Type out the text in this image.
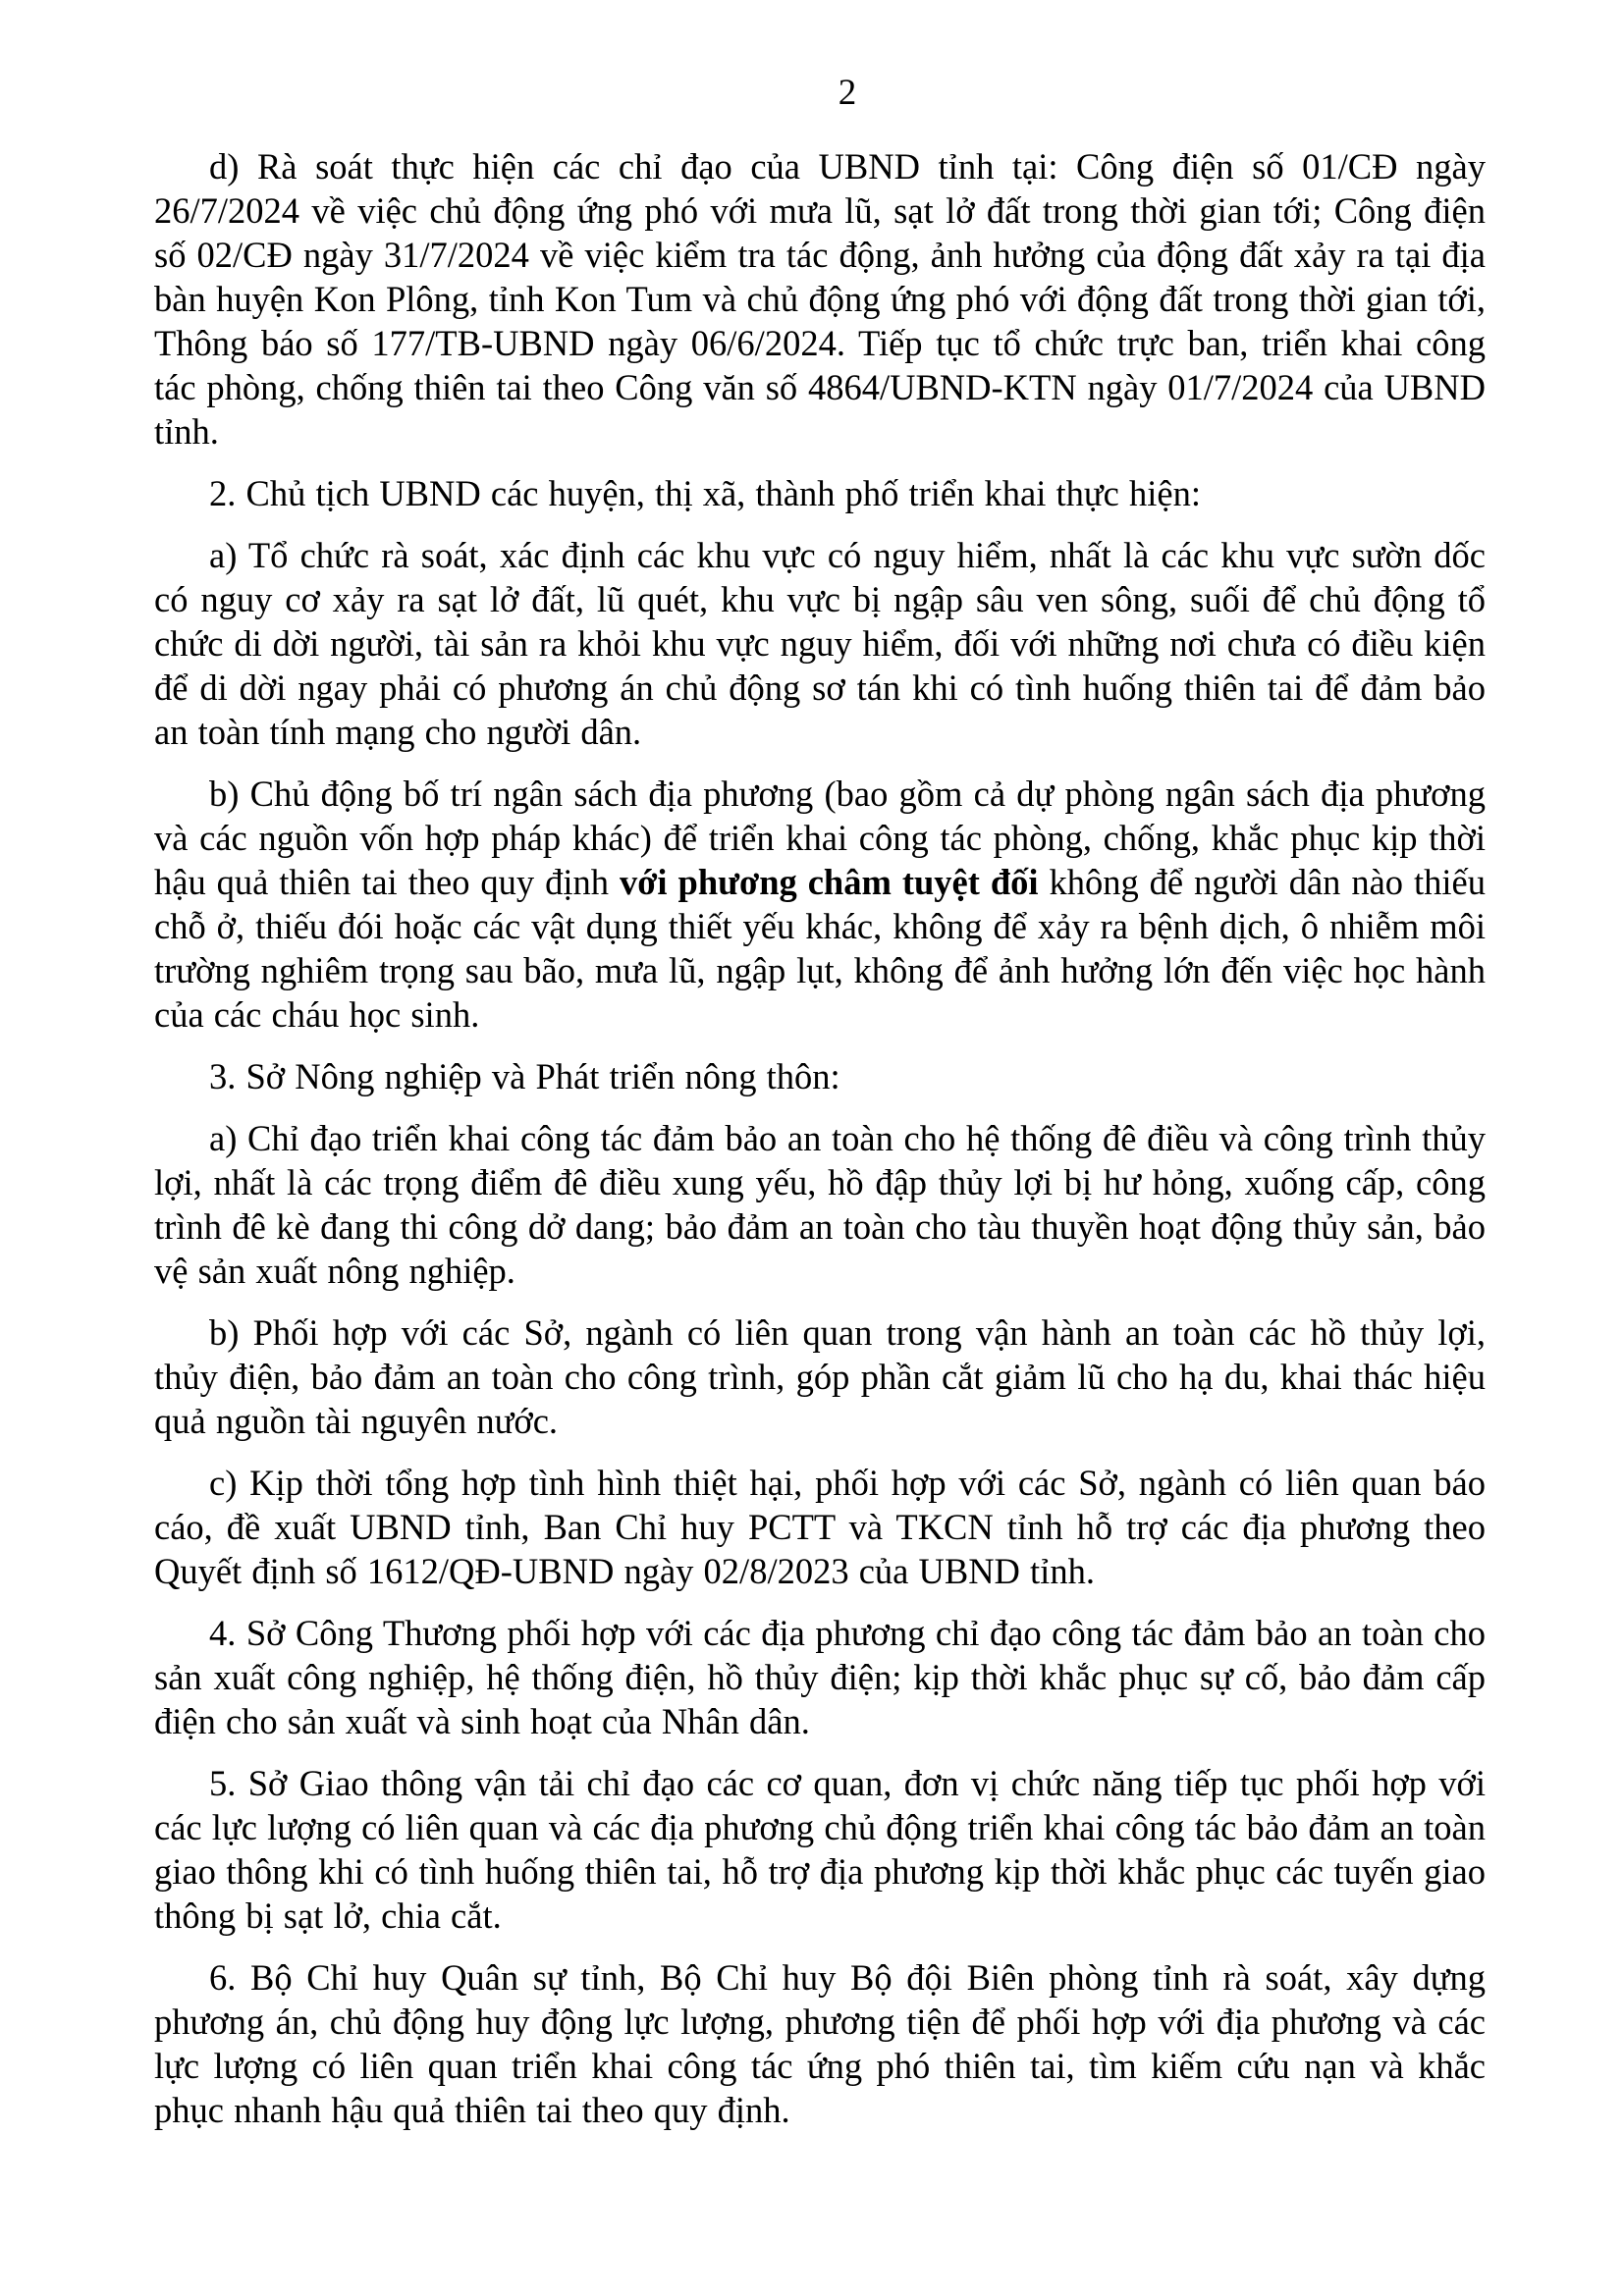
2

d) Rà soát thực hiện các chỉ đạo của UBND tỉnh tại: Công điện số 01/CĐ ngày 26/7/2024 về việc chủ động ứng phó với mưa lũ, sạt lở đất trong thời gian tới; Công điện số 02/CĐ ngày 31/7/2024 về việc kiểm tra tác động, ảnh hưởng của động đất xảy ra tại địa bàn huyện Kon Plông, tỉnh Kon Tum và chủ động ứng phó với động đất trong thời gian tới, Thông báo số 177/TB-UBND ngày 06/6/2024. Tiếp tục tổ chức trực ban, triển khai công tác phòng, chống thiên tai theo Công văn số 4864/UBND-KTN ngày 01/7/2024 của UBND tỉnh.

2. Chủ tịch UBND các huyện, thị xã, thành phố triển khai thực hiện:

a) Tổ chức rà soát, xác định các khu vực có nguy hiểm, nhất là các khu vực sườn dốc có nguy cơ xảy ra sạt lở đất, lũ quét, khu vực bị ngập sâu ven sông, suối để chủ động tổ chức di dời người, tài sản ra khỏi khu vực nguy hiểm, đối với những nơi chưa có điều kiện để di dời ngay phải có phương án chủ động sơ tán khi có tình huống thiên tai để đảm bảo an toàn tính mạng cho người dân.

b) Chủ động bố trí ngân sách địa phương (bao gồm cả dự phòng ngân sách địa phương và các nguồn vốn hợp pháp khác) để triển khai công tác phòng, chống, khắc phục kịp thời hậu quả thiên tai theo quy định với phương châm tuyệt đối không để người dân nào thiếu chỗ ở, thiếu đói hoặc các vật dụng thiết yếu khác, không để xảy ra bệnh dịch, ô nhiễm môi trường nghiêm trọng sau bão, mưa lũ, ngập lụt, không để ảnh hưởng lớn đến việc học hành của các cháu học sinh.

3. Sở Nông nghiệp và Phát triển nông thôn:

a) Chỉ đạo triển khai công tác đảm bảo an toàn cho hệ thống đê điều và công trình thủy lợi, nhất là các trọng điểm đê điều xung yếu, hồ đập thủy lợi bị hư hỏng, xuống cấp, công trình đê kè đang thi công dở dang; bảo đảm an toàn cho tàu thuyền hoạt động thủy sản, bảo vệ sản xuất nông nghiệp.

b) Phối hợp với các Sở, ngành có liên quan trong vận hành an toàn các hồ thủy lợi, thủy điện, bảo đảm an toàn cho công trình, góp phần cắt giảm lũ cho hạ du, khai thác hiệu quả nguồn tài nguyên nước.

c) Kịp thời tổng hợp tình hình thiệt hại, phối hợp với các Sở, ngành có liên quan báo cáo, đề xuất UBND tỉnh, Ban Chỉ huy PCTT và TKCN tỉnh hỗ trợ các địa phương theo Quyết định số 1612/QĐ-UBND ngày 02/8/2023 của UBND tỉnh.

4. Sở Công Thương phối hợp với các địa phương chỉ đạo công tác đảm bảo an toàn cho sản xuất công nghiệp, hệ thống điện, hồ thủy điện; kịp thời khắc phục sự cố, bảo đảm cấp điện cho sản xuất và sinh hoạt của Nhân dân.

5. Sở Giao thông vận tải chỉ đạo các cơ quan, đơn vị chức năng tiếp tục phối hợp với các lực lượng có liên quan và các địa phương chủ động triển khai công tác bảo đảm an toàn giao thông khi có tình huống thiên tai, hỗ trợ địa phương kịp thời khắc phục các tuyến giao thông bị sạt lở, chia cắt.

6. Bộ Chỉ huy Quân sự tỉnh, Bộ Chỉ huy Bộ đội Biên phòng tỉnh rà soát, xây dựng phương án, chủ động huy động lực lượng, phương tiện để phối hợp với địa phương và các lực lượng có liên quan triển khai công tác ứng phó thiên tai, tìm kiếm cứu nạn và khắc phục nhanh hậu quả thiên tai theo quy định.
